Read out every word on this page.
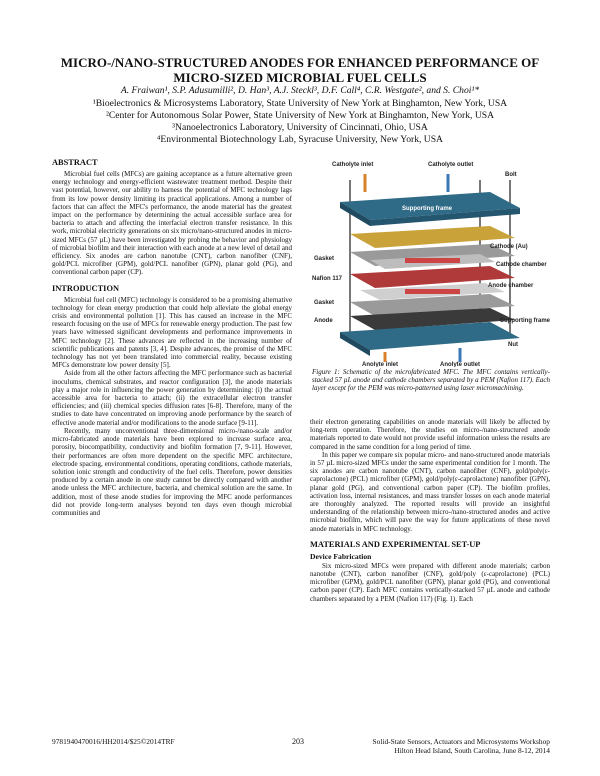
MICRO-/NANO-STRUCTURED ANODES FOR ENHANCED PERFORMANCE OF
MICRO-SIZED MICROBIAL FUEL CELLS
A. Fraiwan¹, S.P. Adusumilli², D. Han³, A.J. Steckl³, D.F. Call⁴, C.R. Westgate², and S. Choi¹*
¹Bioelectronics & Microsystems Laboratory, State University of New York at Binghamton, New York, USA
²Center for Autonomous Solar Power, State University of New York at Binghamton, New York, USA
³Nanoelectronics Laboratory, University of Cincinnati, Ohio, USA
⁴Environmental Biotechnology Lab, Syracuse University, New York, USA
ABSTRACT

Microbial fuel cells (MFCs) are gaining acceptance as a future alternative green energy technology and energy-efficient wastewater treatment method. Despite their vast potential, however, our ability to harness the potential of MFC technology lags from its low power density limiting its practical applications. Among a number of factors that can affect the MFC's performance, the anode material has the greatest impact on the performance by determining the actual accessible surface area for bacteria to attach and affecting the interfacial electron transfer resistance. In this work, microbial electricity generations on six micro/nano-structured anodes in micro-sized MFCs (57 µL) have been investigated by probing the behavior and physiology of microbial biofilm and their interaction with each anode at a new level of detail and efficiency. Six anodes are carbon nanotube (CNT), carbon nanofiber (CNF), gold/PCL microfiber (GPM), gold/PCL nanofiber (GPN), planar gold (PG), and conventional carbon paper (CP).

INTRODUCTION

Microbial fuel cell (MFC) technology is considered to be a promising alternative technology for clean energy production that could help alleviate the global energy crisis and environmental pollution [1]. This has caused an increase in the MFC research focusing on the use of MFCs for renewable energy production. The past few years have witnessed significant developments and performance improvements in MFC technology [2]. These advances are reflected in the increasing number of scientific publications and patents [3, 4]. Despite advances, the promise of the MFC technology has not yet been translated into commercial reality, because existing MFCs demonstrate low power density [5].

Aside from all the other factors affecting the MFC performance such as bacterial inoculums, chemical substrates, and reactor configuration [3], the anode materials play a major role in influencing the power generation by determining: (i) the actual accessible area for bacteria to attach; (ii) the extracellular electron transfer efficiencies; and (iii) chemical species diffusion rates [6-8]. Therefore, many of the studies to date have concentrated on improving anode performance by the search of effective anode material and/or modifications to the anode surface [9-11].

Recently, many unconventional three-dimensional micro-/nano-scale and/or micro-fabricated anode materials have been explored to increase surface area, porosity, biocompatibility, conductivity and biofilm formation [7, 9-11]. However, their performances are often more dependent on the specific MFC architecture, electrode spacing, environmental conditions, operating conditions, cathode materials, solution ionic strength and conductivity of the fuel cells. Therefore, power densities produced by a certain anode in one study cannot be directly compared with another anode unless the MFC architecture, bacteria, and chemical solution are the same. In addition, most of these anode studies for improving the MFC anode performances did not provide long-term analyses beyond ten days even though microbial communities and

Catholyte inlet	Catholyte outlet
Bolt
Supporting frame
Cathode (Au)
Gasket
Cathode chamber
Nafion 117
Anode chamber
Gasket
Anode	Supporting frame
Nut
Anolyte inlet	Anolyte outlet
Figure 1: Schematic of the microfabricated MFC. The MFC contains vertically-stacked 57 µL anode and cathode chambers separated by a PEM (Nafion 117). Each layer except for the PEM was micro-patterned using laser micromachining.

their electron generating capabilities on anode materials will likely be affected by long-term operation. Therefore, the studies on micro-/nano-structured anode materials reported to date would not provide useful information unless the results are compared in the same condition for a long period of time.

In this paper we compare six popular micro- and nano-structured anode materials in 57 µL micro-sized MFCs under the same experimental condition for 1 month. The six anodes are carbon nanotube (CNT), carbon nanofiber (CNF), gold/poly(ε-caprolactone) (PCL) microfiber (GPM), gold/poly(ε-caprolactone) nanofiber (GPN), planar gold (PG), and conventional carbon paper (CP). The biofilm profiles, activation loss, internal resistances, and mass transfer losses on each anode material are thoroughly analyzed. The reported results will provide an insightful understanding of the relationship between micro-/nano-structured anodes and active microbial biofilm, which will pave the way for future applications of these novel anode materials in MFC technology.

MATERIALS AND EXPERIMENTAL SET-UP
Device Fabrication

Six micro-sized MFCs were prepared with different anode materials; carbon nanotube (CNT), carbon nanofiber (CNF), gold/poly (ε-caprolactone) (PCL) microfiber (GPM), gold/PCL nanofiber (GPN), planar gold (PG), and conventional carbon paper (CP). Each MFC contains vertically-stacked 57 µL anode and cathode chambers separated by a PEM (Nafion 117) (Fig. 1). Each

9781940470016/HH2014/$25©2014TRF	203	Solid-State Sensors, Actuators and Microsystems Workshop
Hilton Head Island, South Carolina, June 8-12, 2014
